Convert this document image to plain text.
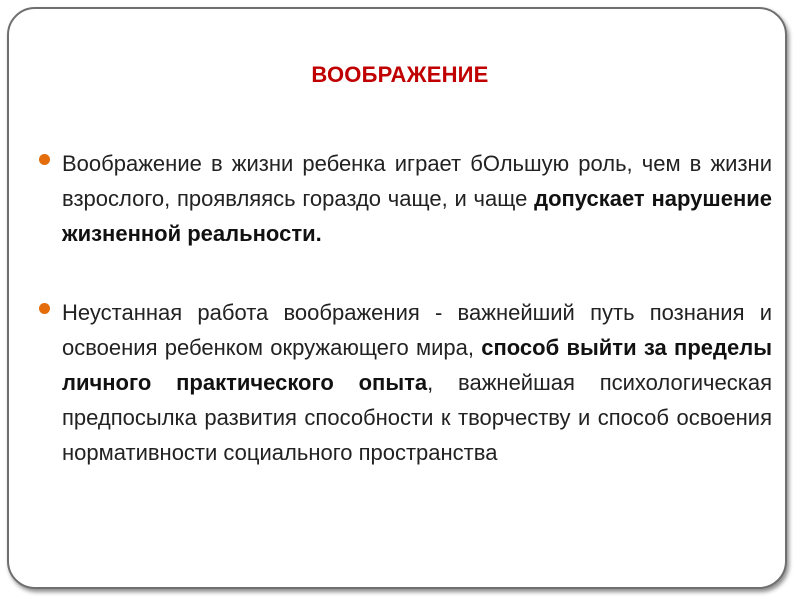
ВООБРАЖЕНИЕ
Воображение в жизни ребенка играет бОльшую роль, чем в жизни взрослого, проявляясь гораздо чаще, и чаще допускает нарушение жизненной реальности.
Неустанная работа воображения - важнейший путь познания и освоения ребенком окружающего мира, способ выйти за пределы личного практического опыта, важнейшая психологическая предпосылка развития способности к творчеству и способ освоения нормативности социального пространства
